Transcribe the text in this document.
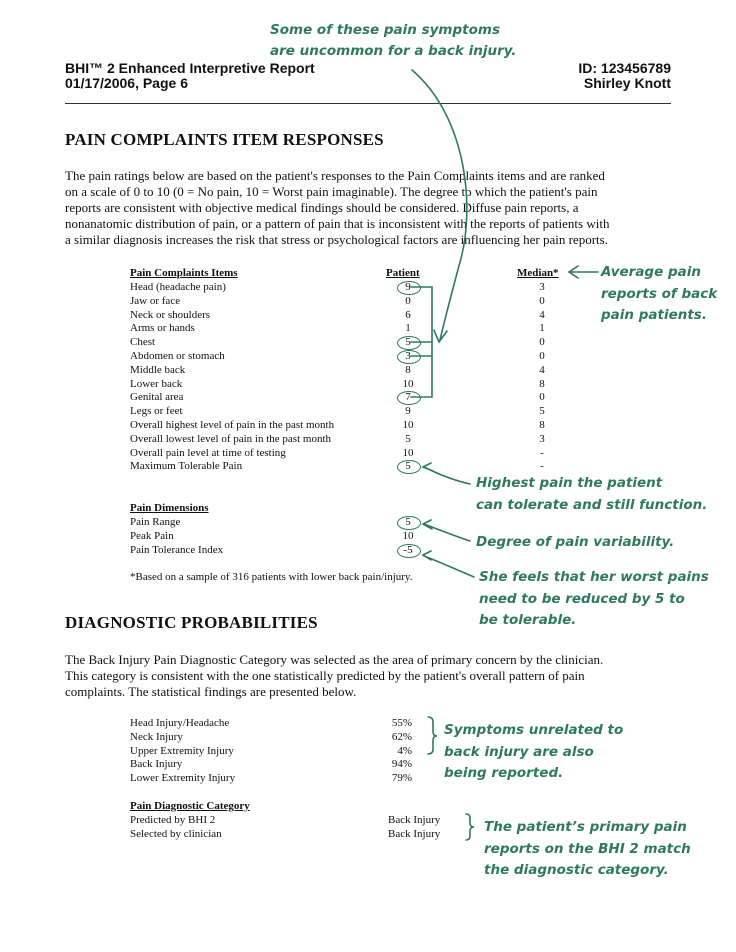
BHI™ 2 Enhanced Interpretive Report
01/17/2006, Page 6
ID: 123456789
Shirley Knott
PAIN COMPLAINTS ITEM RESPONSES
The pain ratings below are based on the patient's responses to the Pain Complaints items and are ranked
on a scale of 0 to 10 (0 = No pain, 10 = Worst pain imaginable). The degree to which the patient's pain
reports are consistent with objective medical findings should be considered. Diffuse pain reports, a
nonanatomic distribution of pain, or a pattern of pain that is inconsistent with the reports of patients with
a similar diagnosis increases the risk that stress or psychological factors are influencing her pain reports.
Pain Complaints Items	Patient	Median*
Head (headache pain)	9	3
Jaw or face	0	0
Neck or shoulders	6	4
Arms or hands	1	1
Chest	5	0
Abdomen or stomach	3	0
Middle back	8	4
Lower back	10	8
Genital area	7	0
Legs or feet	9	5
Overall highest level of pain in the past month	10	8
Overall lowest level of pain in the past month	5	3
Overall pain level at time of testing	10	-
Maximum Tolerable Pain	5	-
Pain Dimensions
Pain Range	5
Peak Pain	10
Pain Tolerance Index	-5
*Based on a sample of 316 patients with lower back pain/injury.
DIAGNOSTIC PROBABILITIES
The Back Injury Pain Diagnostic Category was selected as the area of primary concern by the clinician.
This category is consistent with the one statistically predicted by the patient's overall pattern of pain
complaints. The statistical findings are presented below.
Head Injury/Headache	55%
Neck Injury	62%
Upper Extremity Injury	4%
Back Injury	94%
Lower Extremity Injury	79%
Pain Diagnostic Category
Predicted by BHI 2	Back Injury
Selected by clinician	Back Injury
Some of these pain symptoms
are uncommon for a back injury.
Average pain
reports of back
pain patients.
Highest pain the patient
can tolerate and still function.
Degree of pain variability.
She feels that her worst pains
need to be reduced by 5 to
be tolerable.
Symptoms unrelated to
back injury are also
being reported.
The patient’s primary pain
reports on the BHI 2 match
the diagnostic category.
